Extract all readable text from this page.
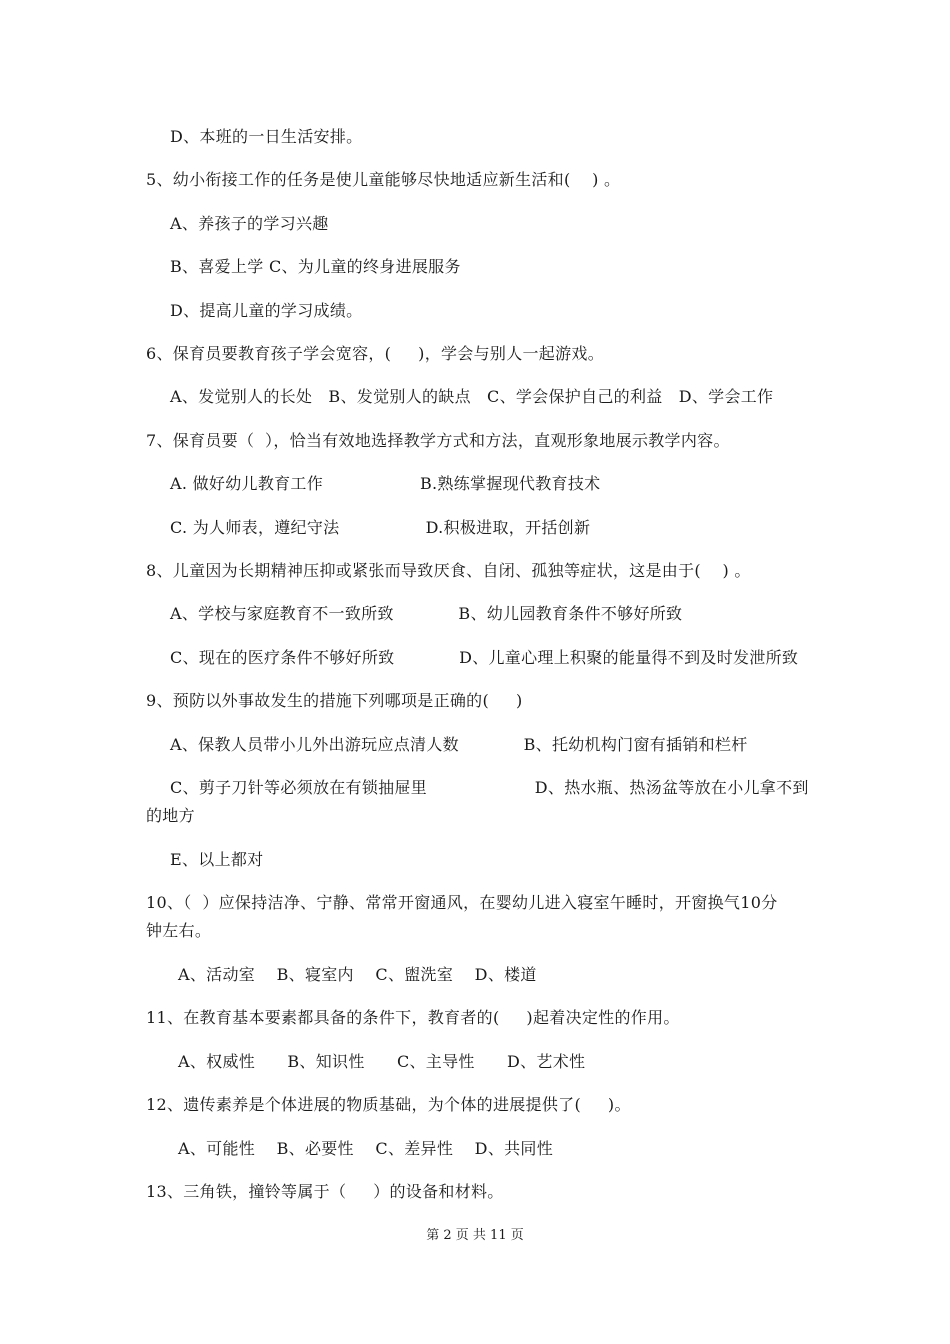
D、本班的一日生活安排。
5、幼小衔接工作的任务是使儿童能够尽快地适应新生活和(    ) 。
A、养孩子的学习兴趣
B、喜爱上学 C、为儿童的终身进展服务
D、提高儿童的学习成绩。
6、保育员要教育孩子学会宽容，(     )，学会与别人一起游戏。
A、发觉别人的长处   B、发觉别人的缺点   C、学会保护自己的利益   D、学会工作
7、保育员要（  ），恰当有效地选择教学方式和方法，直观形象地展示教学内容。
A. 做好幼儿教育工作                  B.熟练掌握现代教育技术
C. 为人师表，遵纪守法                D.积极进取，开括创新
8、儿童因为长期精神压抑或紧张而导致厌食、自闭、孤独等症状，这是由于(    ) 。
A、学校与家庭教育不一致所致            B、幼儿园教育条件不够好所致
C、现在的医疗条件不够好所致            D、儿童心理上积聚的能量得不到及时发泄所致
9、预防以外事故发生的措施下列哪项是正确的(     )
A、保教人员带小儿外出游玩应点清人数            B、托幼机构门窗有插销和栏杆
C、剪子刀针等必须放在有锁抽屉里                    D、热水瓶、热汤盆等放在小儿拿不到
的地方
E、以上都对
10、（  ）应保持洁净、宁静、常常开窗通风，在婴幼儿进入寝室午睡时，开窗换气10分
钟左右。
A、活动室    B、寝室内    C、盥洗室    D、楼道
11、在教育基本要素都具备的条件下，教育者的(     )起着决定性的作用。
A、权威性      B、知识性      C、主导性      D、艺术性
12、遗传素养是个体进展的物质基础，为个体的进展提供了(     )。
A、可能性    B、必要性    C、差异性    D、共同性
13、三角铁，撞铃等属于（     ）的设备和材料。
第 2 页 共 11 页
